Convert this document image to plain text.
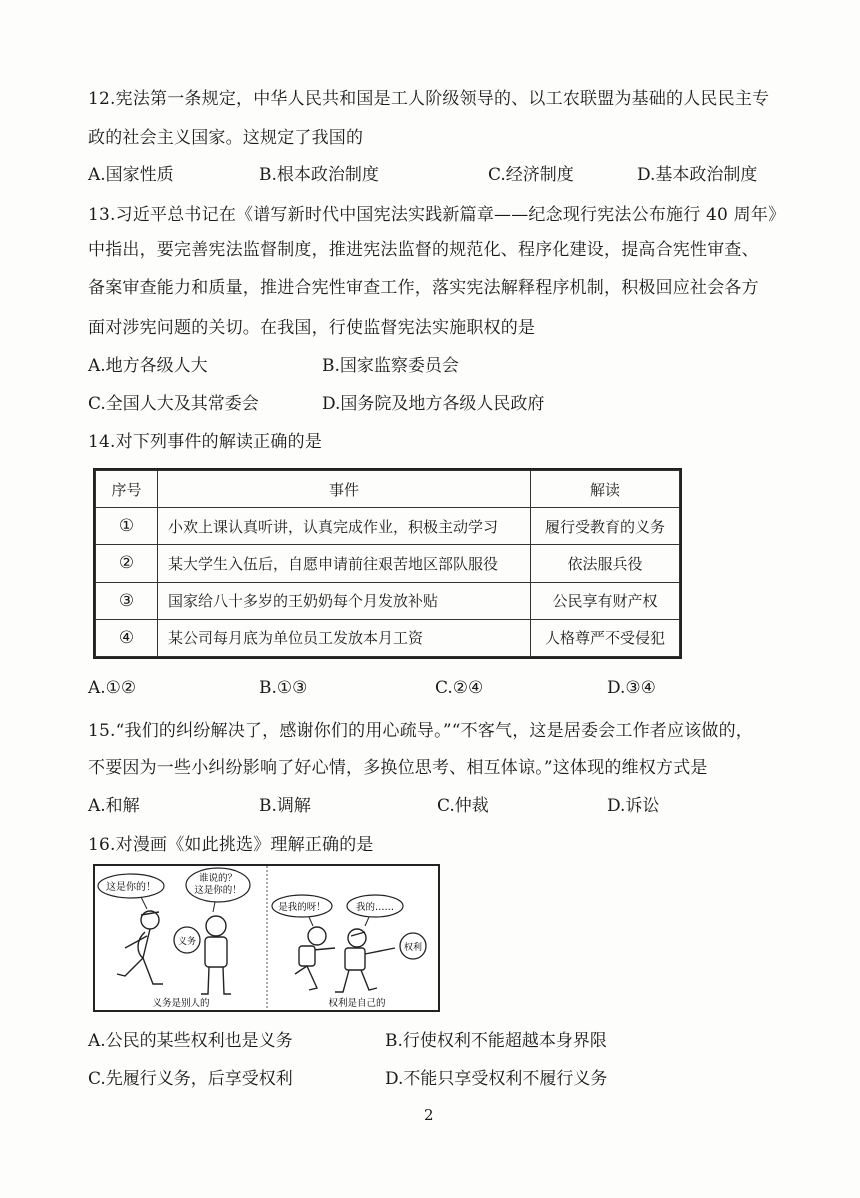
12.宪法第一条规定，中华人民共和国是工人阶级领导的、以工农联盟为基础的人民民主专
政的社会主义国家。这规定了我国的
A.国家性质	B.根本政治制度	C.经济制度	D.基本政治制度
13.习近平总书记在《谱写新时代中国宪法实践新篇章——纪念现行宪法公布施行 40 周年》
中指出，要完善宪法监督制度，推进宪法监督的规范化、程序化建设，提高合宪性审查、
备案审查能力和质量，推进合宪性审查工作，落实宪法解释程序机制，积极回应社会各方
面对涉宪问题的关切。在我国，行使监督宪法实施职权的是
A.地方各级人大	B.国家监察委员会
C.全国人大及其常委会	D.国务院及地方各级人民政府
14.对下列事件的解读正确的是
序号	事件	解读
①	小欢上课认真听讲，认真完成作业，积极主动学习	履行受教育的义务
②	某大学生入伍后，自愿申请前往艰苦地区部队服役	依法服兵役
③	国家给八十多岁的王奶奶每个月发放补贴	公民享有财产权
④	某公司每月底为单位员工发放本月工资	人格尊严不受侵犯
A.①②	B.①③	C.②④	D.③④
15.“我们的纠纷解决了，感谢你们的用心疏导。”“不客气，这是居委会工作者应该做的，
不要因为一些小纠纷影响了好心情，多换位思考、相互体谅。”这体现的维权方式是
A.和解	B.调解	C.仲裁	D.诉讼
16.对漫画《如此挑选》理解正确的是
这是你的！
谁说的？
这是你的！
义务
义务是别人的
是我的呀！	我的……
权利
权利是自己的
A.公民的某些权利也是义务	B.行使权利不能超越本身界限
C.先履行义务，后享受权利	D.不能只享受权利不履行义务
2
